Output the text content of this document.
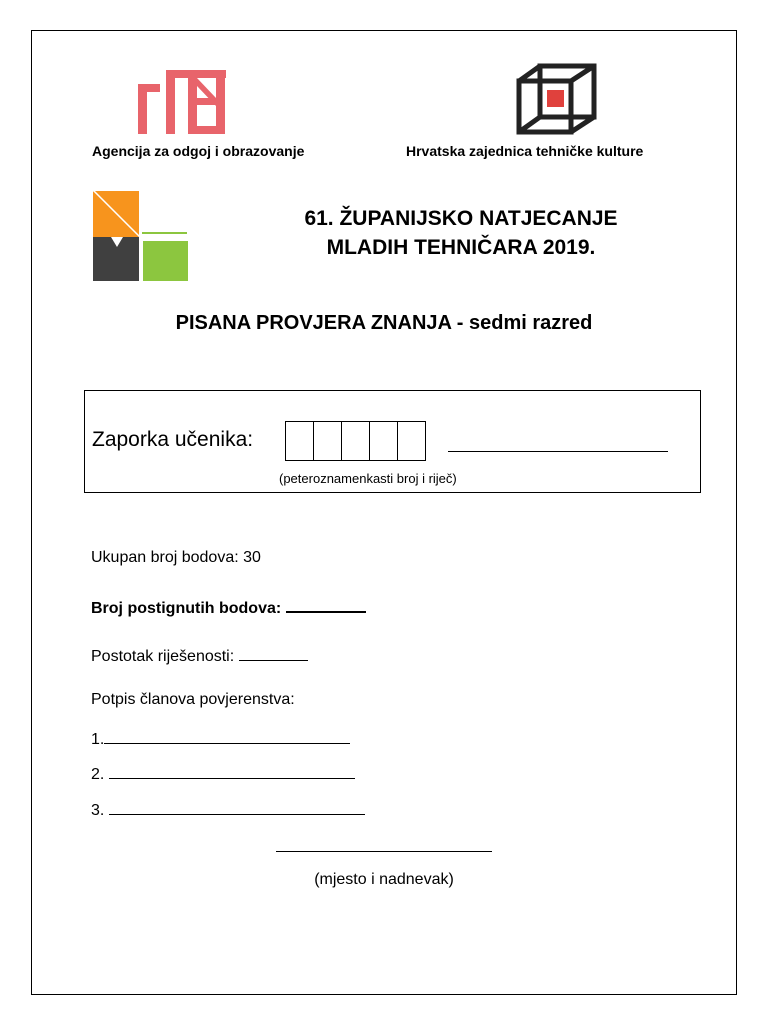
Agencija za odgoj i obrazovanje	Hrvatska zajednica tehničke kulture
61. ŽUPANIJSKO NATJECANJE
MLADIH TEHNIČARA 2019.
PISANA PROVJERA ZNANJA - sedmi razred
Zaporka učenika:
(peteroznamenkasti broj i riječ)
Ukupan broj bodova: 30
Broj postignutih bodova:
Postotak riješenosti:
Potpis članova povjerenstva:
1.
2.
3.
(mjesto i nadnevak)
